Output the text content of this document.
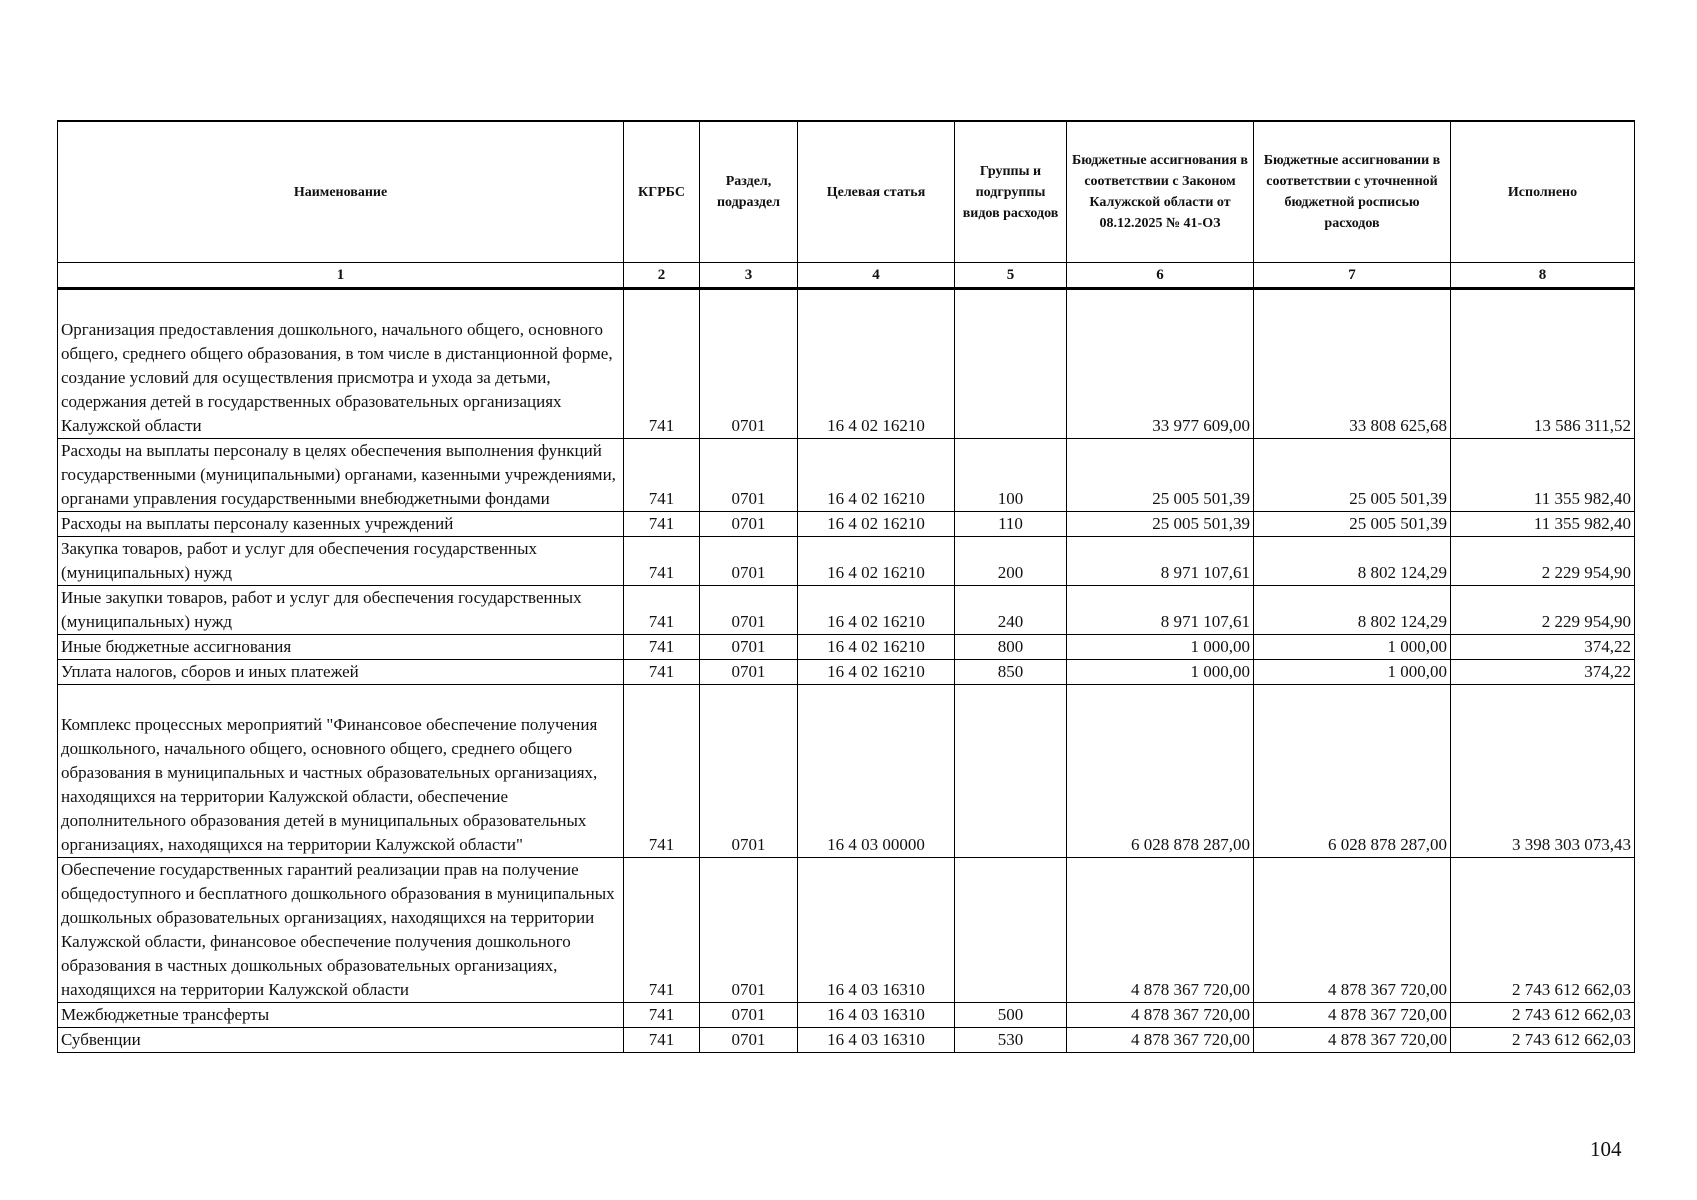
Наименование	КГРБС	Раздел, подраздел	Целевая статья	Группы и подгруппы видов расходов	Бюджетные ассигнования в соответствии с Законом Калужской области от 08.12.2025 № 41-ОЗ	Бюджетные ассигновании в соответствии с уточненной бюджетной росписью расходов	Исполнено
1	2	3	4	5	6	7	8
Организация предоставления дошкольного, начального общего, основного общего, среднего общего образования, в том числе в дистанционной форме, создание условий для осуществления присмотра и ухода за детьми, содержания детей в государственных образовательных организациях Калужской области	741	0701	16 4 02 16210		33 977 609,00	33 808 625,68	13 586 311,52
Расходы на выплаты персоналу в целях обеспечения выполнения функций государственными (муниципальными) органами, казенными учреждениями, органами управления государственными внебюджетными фондами	741	0701	16 4 02 16210	100	25 005 501,39	25 005 501,39	11 355 982,40
Расходы на выплаты персоналу казенных учреждений	741	0701	16 4 02 16210	110	25 005 501,39	25 005 501,39	11 355 982,40
Закупка товаров, работ и услуг для обеспечения государственных (муниципальных) нужд	741	0701	16 4 02 16210	200	8 971 107,61	8 802 124,29	2 229 954,90
Иные закупки товаров, работ и услуг для обеспечения государственных (муниципальных) нужд	741	0701	16 4 02 16210	240	8 971 107,61	8 802 124,29	2 229 954,90
Иные бюджетные ассигнования	741	0701	16 4 02 16210	800	1 000,00	1 000,00	374,22
Уплата налогов, сборов и иных платежей	741	0701	16 4 02 16210	850	1 000,00	1 000,00	374,22
Комплекс процессных мероприятий "Финансовое обеспечение получения дошкольного, начального общего, основного общего, среднего общего образования в муниципальных и частных образовательных организациях, находящихся на территории Калужской области, обеспечение дополнительного образования детей в муниципальных образовательных организациях, находящихся на территории Калужской области"	741	0701	16 4 03 00000		6 028 878 287,00	6 028 878 287,00	3 398 303 073,43
Обеспечение государственных гарантий реализации прав на получение общедоступного и бесплатного дошкольного образования в муниципальных дошкольных образовательных организациях, находящихся на территории Калужской области, финансовое обеспечение получения дошкольного образования в частных дошкольных образовательных организациях, находящихся на территории Калужской области	741	0701	16 4 03 16310		4 878 367 720,00	4 878 367 720,00	2 743 612 662,03
Межбюджетные трансферты	741	0701	16 4 03 16310	500	4 878 367 720,00	4 878 367 720,00	2 743 612 662,03
Субвенции	741	0701	16 4 03 16310	530	4 878 367 720,00	4 878 367 720,00	2 743 612 662,03
104
